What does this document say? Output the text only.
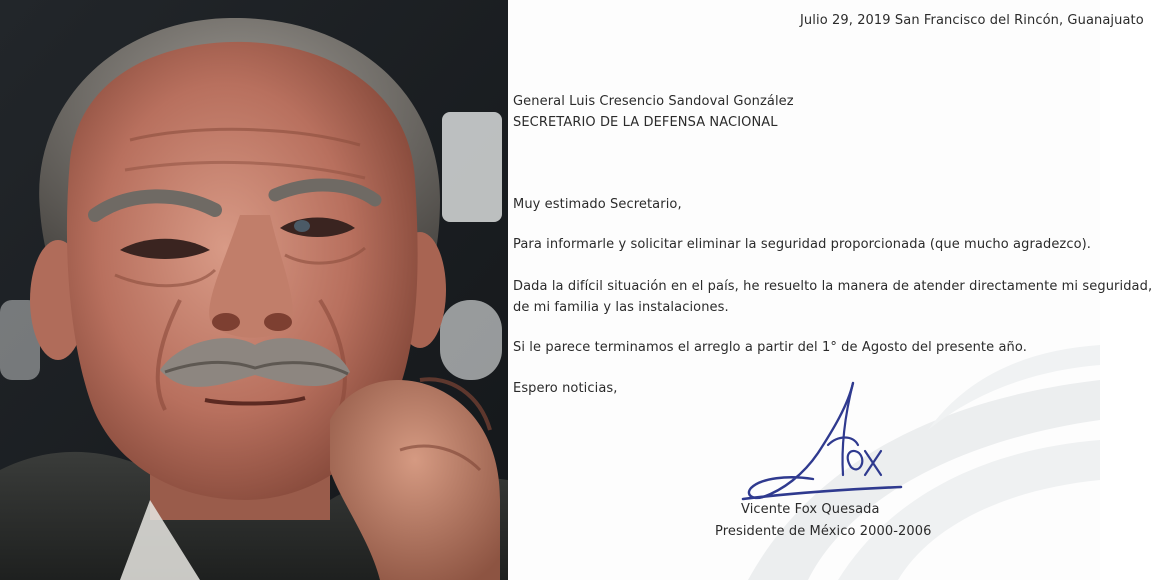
Julio 29, 2019 San Francisco del Rincón, Guanajuato
General Luis Cresencio Sandoval González
SECRETARIO DE LA DEFENSA NACIONAL
Muy estimado Secretario,
Para informarle y solicitar eliminar la seguridad proporcionada (que mucho agradezco).
Dada la difícil situación en el país, he resuelto la manera de atender directamente mi seguridad,
de mi familia y las instalaciones.
Si le parece terminamos el arreglo a partir del 1° de Agosto del presente año.
Espero noticias,
Vicente Fox Quesada
Presidente de México 2000-2006
